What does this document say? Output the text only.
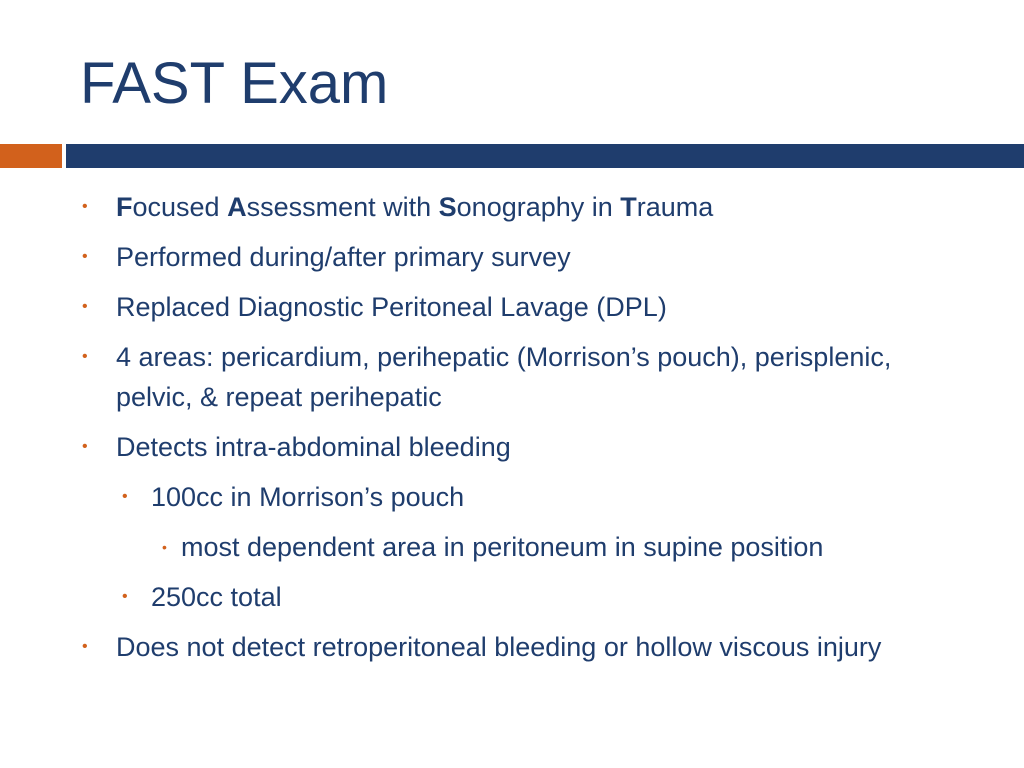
FAST Exam
• Focused Assessment with Sonography in Trauma
• Performed during/after primary survey
• Replaced Diagnostic Peritoneal Lavage (DPL)
• 4 areas: pericardium, perihepatic (Morrison’s pouch), perisplenic, pelvic, & repeat perihepatic
• Detects intra-abdominal bleeding
• 100cc in Morrison’s pouch
• most dependent area in peritoneum in supine position
• 250cc total
• Does not detect retroperitoneal bleeding or hollow viscous injury
